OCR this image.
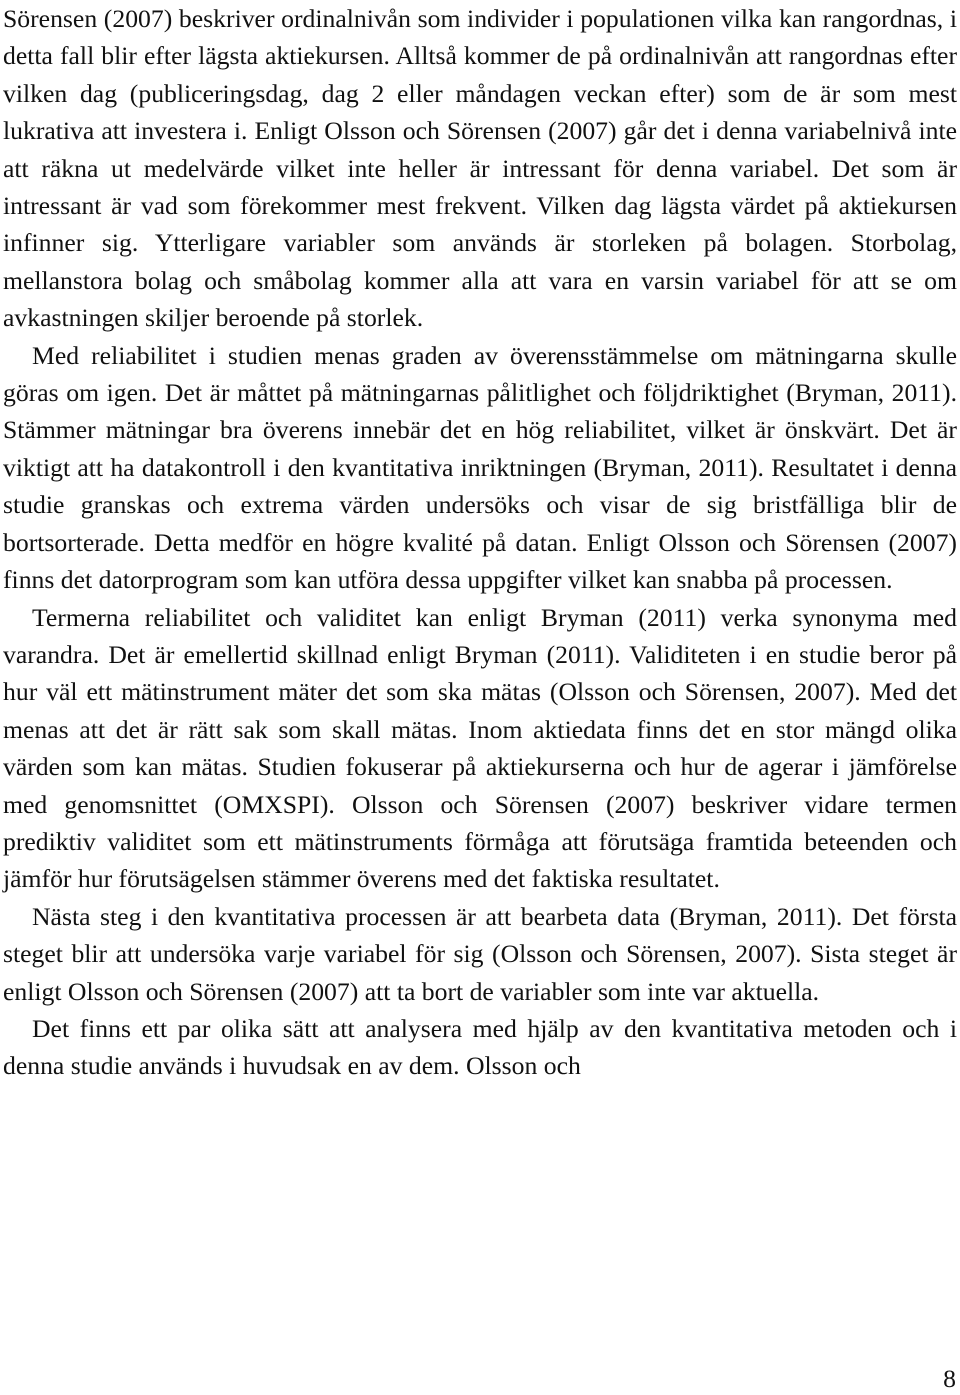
Sörensen (2007) beskriver ordinalnivån som individer i populationen vilka kan rangordnas, i detta fall blir efter lägsta aktiekursen. Alltså kommer de på ordinalnivån att rangordnas efter vilken dag (publiceringsdag, dag 2 eller måndagen veckan efter) som de är som mest lukrativa att investera i. Enligt Olsson och Sörensen (2007) går det i denna variabelnivå inte att räkna ut medelvärde vilket inte heller är intressant för denna variabel. Det som är intressant är vad som förekommer mest frekvent. Vilken dag lägsta värdet på aktiekursen infinner sig. Ytterligare variabler som används är storleken på bolagen. Storbolag, mellanstora bolag och småbolag kommer alla att vara en varsin variabel för att se om avkastningen skiljer beroende på storlek.

Med reliabilitet i studien menas graden av överensstämmelse om mätningarna skulle göras om igen. Det är måttet på mätningarnas pålitlighet och följdriktighet (Bryman, 2011). Stämmer mätningar bra överens innebär det en hög reliabilitet, vilket är önskvärt. Det är viktigt att ha datakontroll i den kvantitativa inriktningen (Bryman, 2011). Resultatet i denna studie granskas och extrema värden undersöks och visar de sig bristfälliga blir de bortsorterade. Detta medför en högre kvalité på datan. Enligt Olsson och Sörensen (2007) finns det datorprogram som kan utföra dessa uppgifter vilket kan snabba på processen.

Termerna reliabilitet och validitet kan enligt Bryman (2011) verka synonyma med varandra. Det är emellertid skillnad enligt Bryman (2011). Validiteten i en studie beror på hur väl ett mätinstrument mäter det som ska mätas (Olsson och Sörensen, 2007). Med det menas att det är rätt sak som skall mätas. Inom aktiedata finns det en stor mängd olika värden som kan mätas. Studien fokuserar på aktiekurserna och hur de agerar i jämförelse med genomsnittet (OMXSPI). Olsson och Sörensen (2007) beskriver vidare termen prediktiv validitet som ett mätinstruments förmåga att förutsäga framtida beteenden och jämför hur förutsägelsen stämmer överens med det faktiska resultatet.

Nästa steg i den kvantitativa processen är att bearbeta data (Bryman, 2011). Det första steget blir att undersöka varje variabel för sig (Olsson och Sörensen, 2007). Sista steget är enligt Olsson och Sörensen (2007) att ta bort de variabler som inte var aktuella.

Det finns ett par olika sätt att analysera med hjälp av den kvantitativa metoden och i denna studie används i huvudsak en av dem. Olsson och

8
